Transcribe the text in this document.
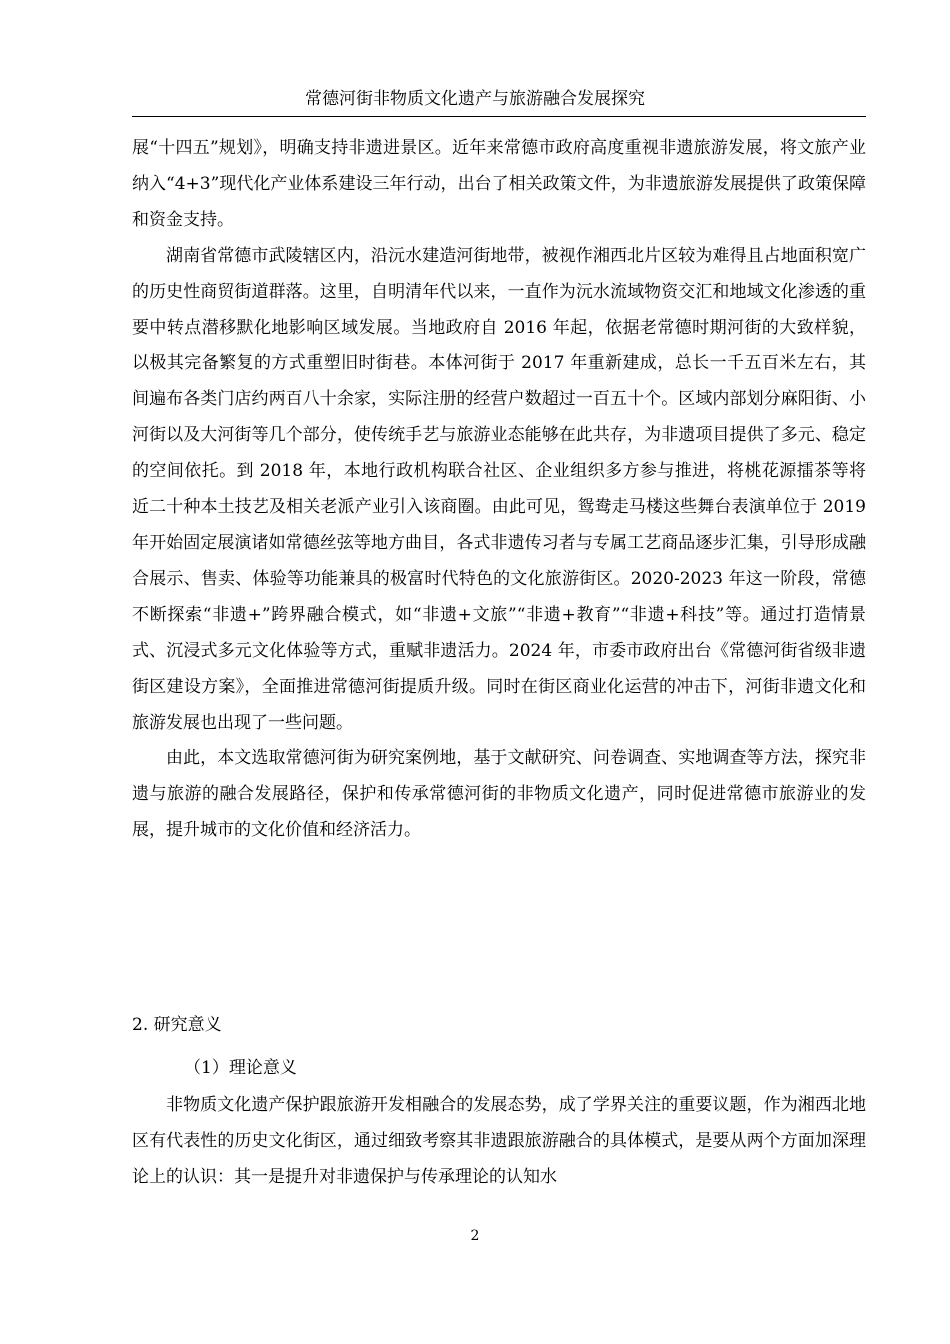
常德河街非物质文化遗产与旅游融合发展探究

展“十四五”规划》，明确支持非遗进景区。近年来常德市政府高度重视非遗旅游发展，将文旅产业纳入“4+3”现代化产业体系建设三年行动，出台了相关政策文件，为非遗旅游发展提供了政策保障和资金支持。

湖南省常德市武陵辖区内，沿沅水建造河街地带，被视作湘西北片区较为难得且占地面积宽广的历史性商贸街道群落。这里，自明清年代以来，一直作为沅水流域物资交汇和地域文化渗透的重要中转点潜移默化地影响区域发展。当地政府自 2016 年起，依据老常德时期河街的大致样貌，以极其完备繁复的方式重塑旧时街巷。本体河街于 2017 年重新建成，总长一千五百米左右，其间遍布各类门店约两百八十余家，实际注册的经营户数超过一百五十个。区域内部划分麻阳街、小河街以及大河街等几个部分，使传统手艺与旅游业态能够在此共存，为非遗项目提供了多元、稳定的空间依托。到 2018 年，本地行政机构联合社区、企业组织多方参与推进，将桃花源擂茶等将近二十种本土技艺及相关老派产业引入该商圈。由此可见，鸳鸯走马楼这些舞台表演单位于 2019 年开始固定展演诸如常德丝弦等地方曲目，各式非遗传习者与专属工艺商品逐步汇集，引导形成融合展示、售卖、体验等功能兼具的极富时代特色的文化旅游街区。2020-2023 年这一阶段，常德不断探索“非遗+”跨界融合模式，如“非遗+文旅”“非遗+教育”“非遗+科技”等。通过打造情景式、沉浸式多元文化体验等方式，重赋非遗活力。2024 年，市委市政府出台《常德河街省级非遗街区建设方案》，全面推进常德河街提质升级。同时在街区商业化运营的冲击下，河街非遗文化和旅游发展也出现了一些问题。

由此，本文选取常德河街为研究案例地，基于文献研究、问卷调查、实地调查等方法，探究非遗与旅游的融合发展路径，保护和传承常德河街的非物质文化遗产，同时促进常德市旅游业的发展，提升城市的文化价值和经济活力。

2. 研究意义
（1）理论意义

非物质文化遗产保护跟旅游开发相融合的发展态势，成了学界关注的重要议题，作为湘西北地区有代表性的历史文化街区，通过细致考察其非遗跟旅游融合的具体模式，是要从两个方面加深理论上的认识：其一是提升对非遗保护与传承理论的认知水

2
